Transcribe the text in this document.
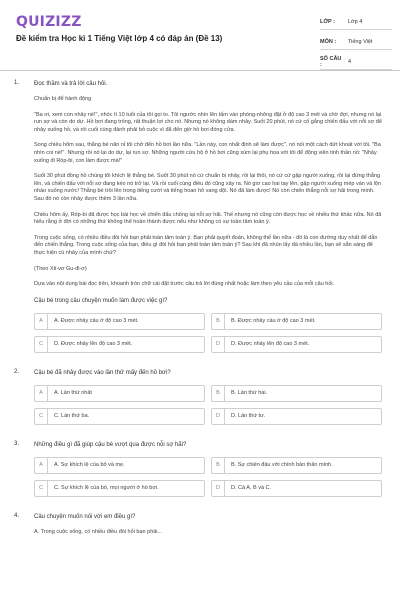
QUIZIZZ
Đề kiểm tra Học kì 1 Tiếng Việt lớp 4 có đáp án (Đề 13)
LỚP :	Lớp 4
MÔN :	Tiếng Việt
SỐ CÂU :	4
1. Đọc thầm và trả lời câu hỏi.
Chuẩn bị để hành động
"Ba ơi, xem con nhảy nè!", nhóc tì 10 tuổi của tôi gọi to. Tôi ngước nhìn lên tấm ván phóng-nhông đặt ở độ cao 3 mét và chờ đợi, nhưng nó lại run sợ và còn do dự. Hồ bơi đang trống, rất thuận lợi cho nó. Nhưng nó không dám nhảy. Suốt 20 phút, nó cứ cố gắng chiến đấu với nỗi sợ để nhảy xuống hồ, và rồi cuối cùng đành phải bỏ cuộc vì đã đến giờ hồ bơi đóng cửa.
Song chiều hôm sau, thằng bé năn nỉ tôi chở đến hồ bơi lần nữa. "Lần này, con nhất định sẽ làm được", nó nói một cách dứt khoát với tôi. "Ba nhìn coi nè!". Nhưng rồi nó lại do dự, lại run sợ. Những người cứu hộ ở hồ bơi cũng xúm lại phụ họa với tôi để động viên tinh thần nó: "Nhảy xuống đi Róp-bi, con làm được mà!"
Suốt 30 phút đồng hồ chúng tôi khích lệ thằng bé. Suốt 30 phút nó cứ chuẩn bị nhảy, rồi lại thôi, nó cứ cứ gặp người xuống, rồi lại đứng thẳng lên, và chiến đấu với nỗi sợ đang kéo nó trở lại. Và rồi cuối cùng điều đó cũng xảy ra. Nó giơ cao hai tay lên, gập người xuống mép ván và lộn nhào xuống nước! Thằng bé trồi lên trong tiếng cười và tiếng hoan hô vang dội. Nó đã làm được! Nó còn chiến thắng nỗi sợ hãi trong mình. Sau đó nó còn nhảy được thêm 3 lần nữa.
Chiều hôm ấy, Róp-bi đã được học bài học về chiến đấu chống lại nỗi sợ hãi. Thế nhưng nó cũng còn được học về nhiều thứ khác nữa. Nó đã hiểu rằng ở đời có những thứ không thể hoàn thành được nếu như không có sự toàn tâm toàn ý.
Trong cuộc sống, có nhiều điều đòi hỏi bạn phải toàn tâm toàn ý. Bạn phải quyết đoán, không thể lần nữa - đó là con đường duy nhất để dẫn đến chiến thắng. Trong cuộc sống của bạn, điều gì đòi hỏi bạn phải toàn tâm toàn ý? Sau khi đã nhún lấy đà nhiều lần, bạn sẽ sẵn sàng để thực hiện cú nhảy của mình chứ?
(Theo Xti-vơ Gu-đi-ơ)
Dựa vào nội dung bài đọc trên, khoanh tròn chữ cái đặt trước câu trả lời đúng nhất hoặc làm theo yêu cầu của mỗi câu hỏi.
Cậu bé trong câu chuyện muốn làm được việc gì?
A	A. Được nhảy cầu ở độ cao 3 mét.	B	B. Được nhảy cầu ở độ cao 3 mét.
C	D. Được nhảy lên độ cao 3 mét.	D	D. Được nhảy lên độ cao 3 mét.
2. Cậu bé đã nhảy được vào lần thử mấy đến hồ bơi?
A	A. Lần thứ nhất	B	B. Lần thứ hai.
C	C. Lần thứ ba.	D	D. Lần thứ tư.
3. Những điều gì đã giúp cậu bé vượt qua được nỗi sợ hãi?
A	A. Sự khích lệ của bố và mẹ.	B	B. Sự chiến đấu với chính bản thân mình.
C	C. Sự khích lệ của bố, mọi người ở hồ bơi.	D	D. Cả A, B và C.
4. Câu chuyện muốn nói với em điều gì?
A. Trong cuộc sống, có nhiều điều đòi hỏi bạn phải...
